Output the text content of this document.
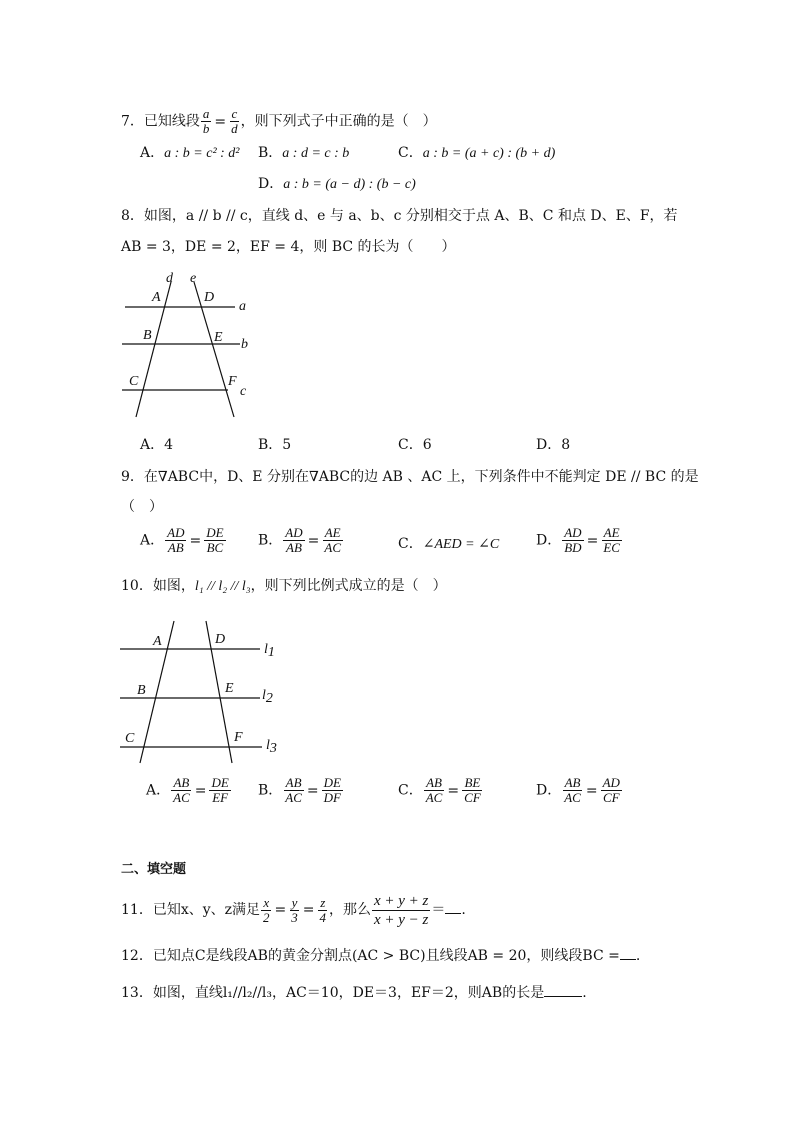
7．已知线段 $\frac{a}{b} = \frac{c}{d}$ ，则下列式子中正确的是（　）
A．a : b = c² : d² B．a : d = c : b	C．a : b = (a + c) : (b + d)
D．a : b = (a − d) : (b − c)
8．如图，a // b // c，直线 d、e 与 a、b、c 分别相交于点 A、B、C 和点 D、E、F，若
AB = 3，DE = 2，EF = 4，则 BC 的长为（　　）
d e
A	D
B	E
C	F
a
b
c
A．4	B．5	C．6	D．8
9．在∇ABC中，D、E 分别在∇ABC的边 AB 、AC 上，下列条件中不能判定 DE // BC 的是
（　）
A． $\frac{AD}{AB} = \frac{DE}{BC}$ B． $\frac{AD}{AB} = \frac{AE}{AC}$	C．∠AED = ∠C	D． $\frac{AD}{BD} = \frac{AE}{EC}$
10．如图，l₁ // l₂ // l₃，则下列比例式成立的是（　）
A	D
B	E
C	F
l1
l2
l3
A． $\frac{AB}{AC} = \frac{DE}{EF}$ B． $\frac{AB}{AC} = \frac{DE}{DF}$	C． $\frac{AB}{AC} = \frac{BE}{CF}$	D． $\frac{AB}{AC} = \frac{AD}{CF}$
二、填空题
11．已知x、y、z满足 $\frac{x}{2} = \frac{y}{3} = \frac{z}{4}$ ，那么 $\frac{x + y + z}{x + y - z}$ ＝ .
12．已知点C是线段AB的黄金分割点(AC > BC)且线段AB = 20，则线段BC = .
13．如图，直线l₁//l₂//l₃，AC＝10，DE＝3，EF＝2，则AB的长是	.
